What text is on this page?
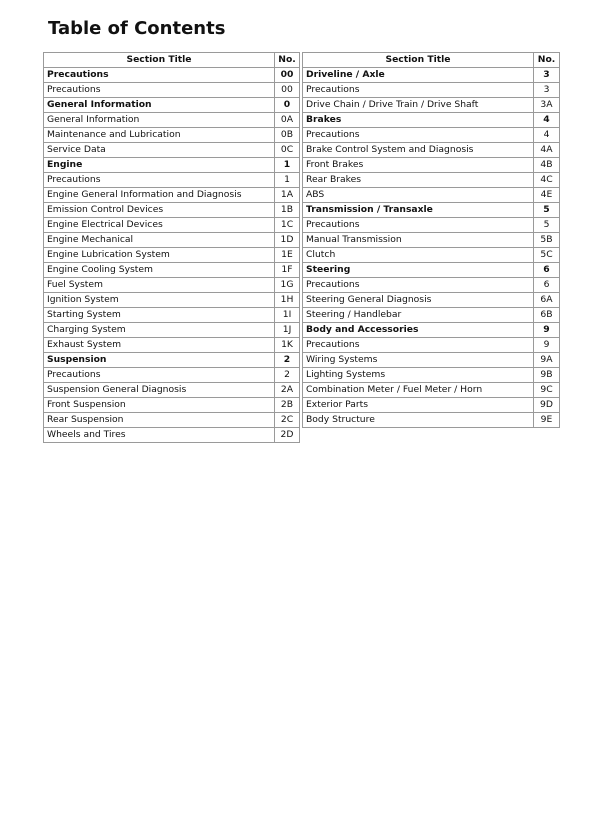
Table of Contents
Section Title	No.
Precautions	00
Precautions	00
General Information	0
General Information	0A
Maintenance and Lubrication	0B
Service Data	0C
Engine	1
Precautions	1
Engine General Information and Diagnosis	1A
Emission Control Devices	1B
Engine Electrical Devices	1C
Engine Mechanical	1D
Engine Lubrication System	1E
Engine Cooling System	1F
Fuel System	1G
Ignition System	1H
Starting System	1I
Charging System	1J
Exhaust System	1K
Suspension	2
Precautions	2
Suspension General Diagnosis	2A
Front Suspension	2B
Rear Suspension	2C
Wheels and Tires	2D
Section Title	No.
Driveline / Axle	3
Precautions	3
Drive Chain / Drive Train / Drive Shaft	3A
Brakes	4
Precautions	4
Brake Control System and Diagnosis	4A
Front Brakes	4B
Rear Brakes	4C
ABS	4E
Transmission / Transaxle	5
Precautions	5
Manual Transmission	5B
Clutch	5C
Steering	6
Precautions	6
Steering General Diagnosis	6A
Steering / Handlebar	6B
Body and Accessories	9
Precautions	9
Wiring Systems	9A
Lighting Systems	9B
Combination Meter / Fuel Meter / Horn	9C
Exterior Parts	9D
Body Structure	9E
